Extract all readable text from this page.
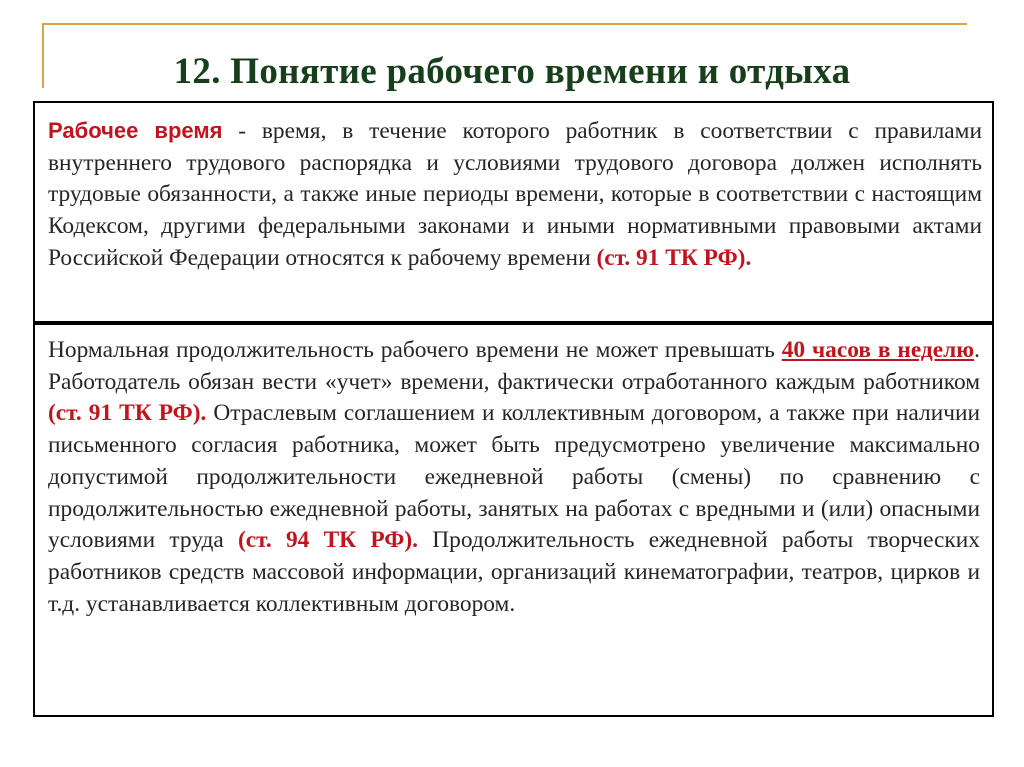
12. Понятие рабочего времени и отдыха

Рабочее время - время, в течение которого работник в соответствии с правилами внутреннего трудового распорядка и условиями трудового договора должен исполнять трудовые обязанности, а также иные периоды времени, которые в соответствии с настоящим Кодексом, другими федеральными законами и иными нормативными правовыми актами Российской Федерации относятся к рабочему времени (ст. 91 ТК РФ).

Нормальная продолжительность рабочего времени не может превышать 40 часов в неделю. Работодатель обязан вести «учет» времени, фактически отработанного каждым работником (ст. 91 ТК РФ). Отраслевым соглашением и коллективным договором, а также при наличии письменного согласия работника, может быть предусмотрено увеличение максимально допустимой продолжительности ежедневной работы (смены) по сравнению с продолжительностью ежедневной работы, занятых на работах с вредными и (или) опасными условиями труда (ст. 94 ТК РФ). Продолжительность ежедневной работы творческих работников средств массовой информации, организаций кинематографии, театров, цирков и т.д. устанавливается коллективным договором.
